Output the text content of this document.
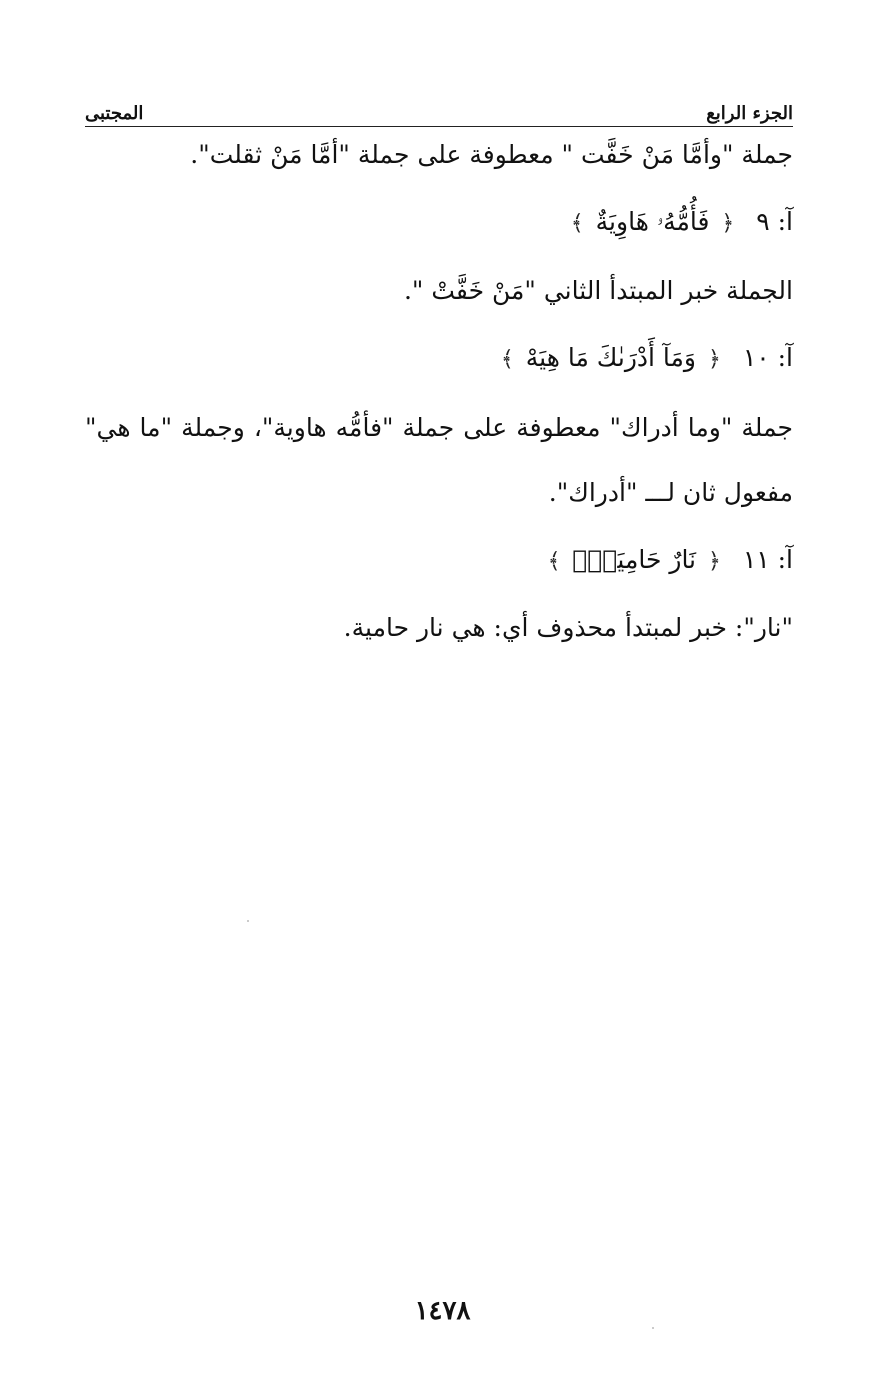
الجزء الرابع
المجتبى
جملة "وأمَّا مَنْ خَفَّت " معطوفة على جملة "أمَّا مَنْ ثقلت".
آ: ٩ ﴿ فَأُمُّهُۥ هَاوِيَةٌ ﴾
الجملة خبر المبتدأ الثاني "مَنْ خَفَّتْ ".
آ: ١٠ ﴿ وَمَآ أَدْرَىٰكَ مَا هِيَهْ ﴾
جملة "وما أدراك" معطوفة على جملة "فأمُّه هاوية"، وجملة "ما هي"
مفعول ثان لـــ "أدراك".
آ: ١١ ﴿ نَارٌ حَامِيَةٌۢ ﴾
"نار": خبر لمبتدأ محذوف أي: هي نار حامية.
١٤٧٨
